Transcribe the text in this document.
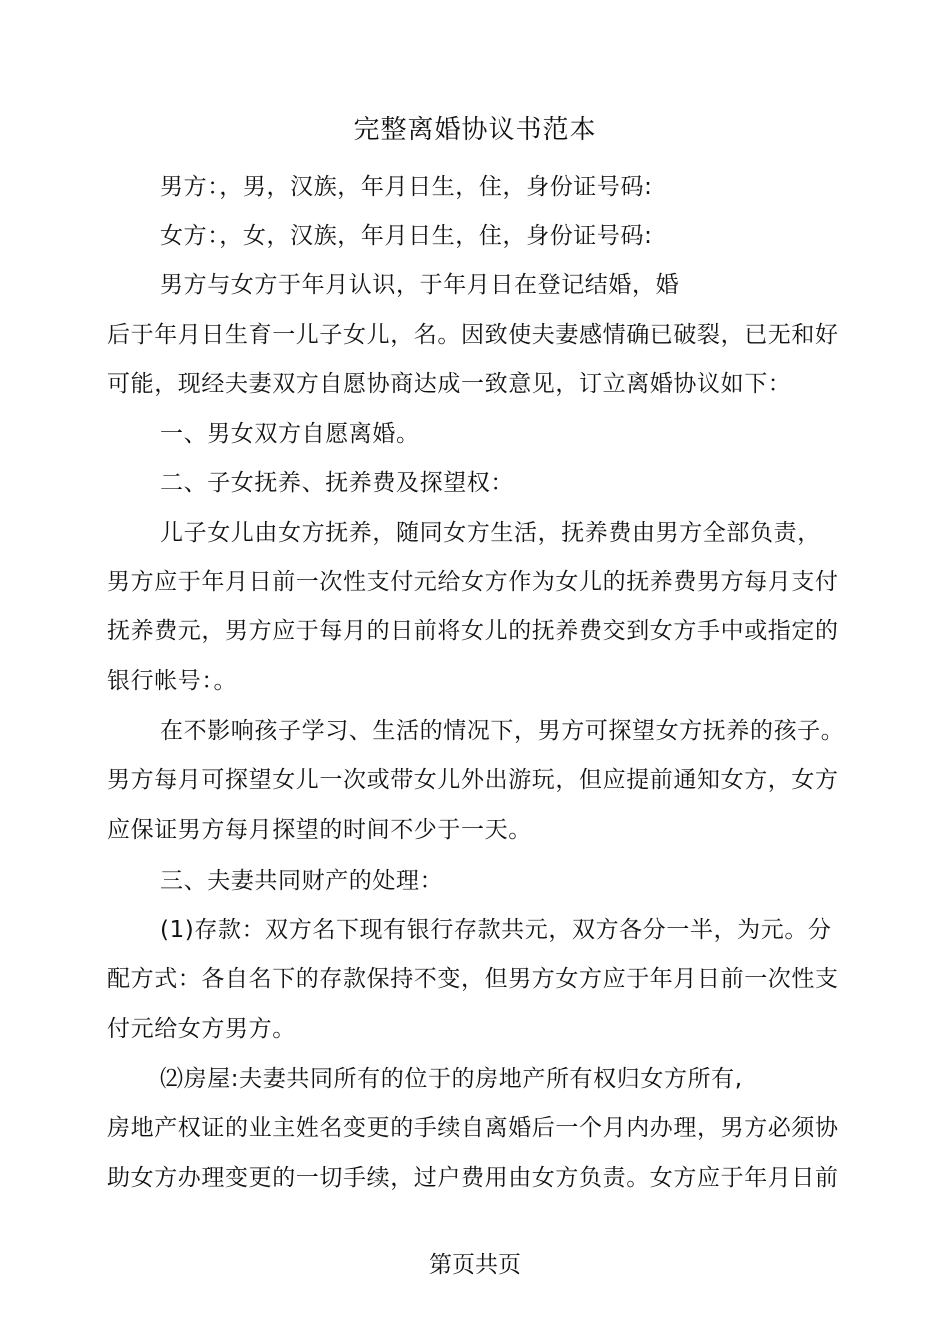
完整离婚协议书范本
男方：，男，汉族，年月日生，住，身份证号码:
女方：，女，汉族，年月日生，住，身份证号码:
男方与女方于年月认识，于年月日在登记结婚，婚
后于年月日生育一儿子女儿，名。因致使夫妻感情确已破裂，已无和好
可能，现经夫妻双方自愿协商达成一致意见，订立离婚协议如下：
一、男女双方自愿离婚。
二、子女抚养、抚养费及探望权：
儿子女儿由女方抚养，随同女方生活，抚养费由男方全部负责，
男方应于年月日前一次性支付元给女方作为女儿的抚养费男方每月支付
抚养费元，男方应于每月的日前将女儿的抚养费交到女方手中或指定的
银行帐号：。
在不影响孩子学习、生活的情况下，男方可探望女方抚养的孩子。
男方每月可探望女儿一次或带女儿外出游玩，但应提前通知女方，女方
应保证男方每月探望的时间不少于一天。
三、夫妻共同财产的处理：
(1)存款：双方名下现有银行存款共元，双方各分一半，为元。分
配方式：各自名下的存款保持不变，但男方女方应于年月日前一次性支
付元给女方男方。
⑵房屋:夫妻共同所有的位于的房地产所有权归女方所有,
房地产权证的业主姓名变更的手续自离婚后一个月内办理，男方必须协
助女方办理变更的一切手续，过户费用由女方负责。女方应于年月日前
第页共页
